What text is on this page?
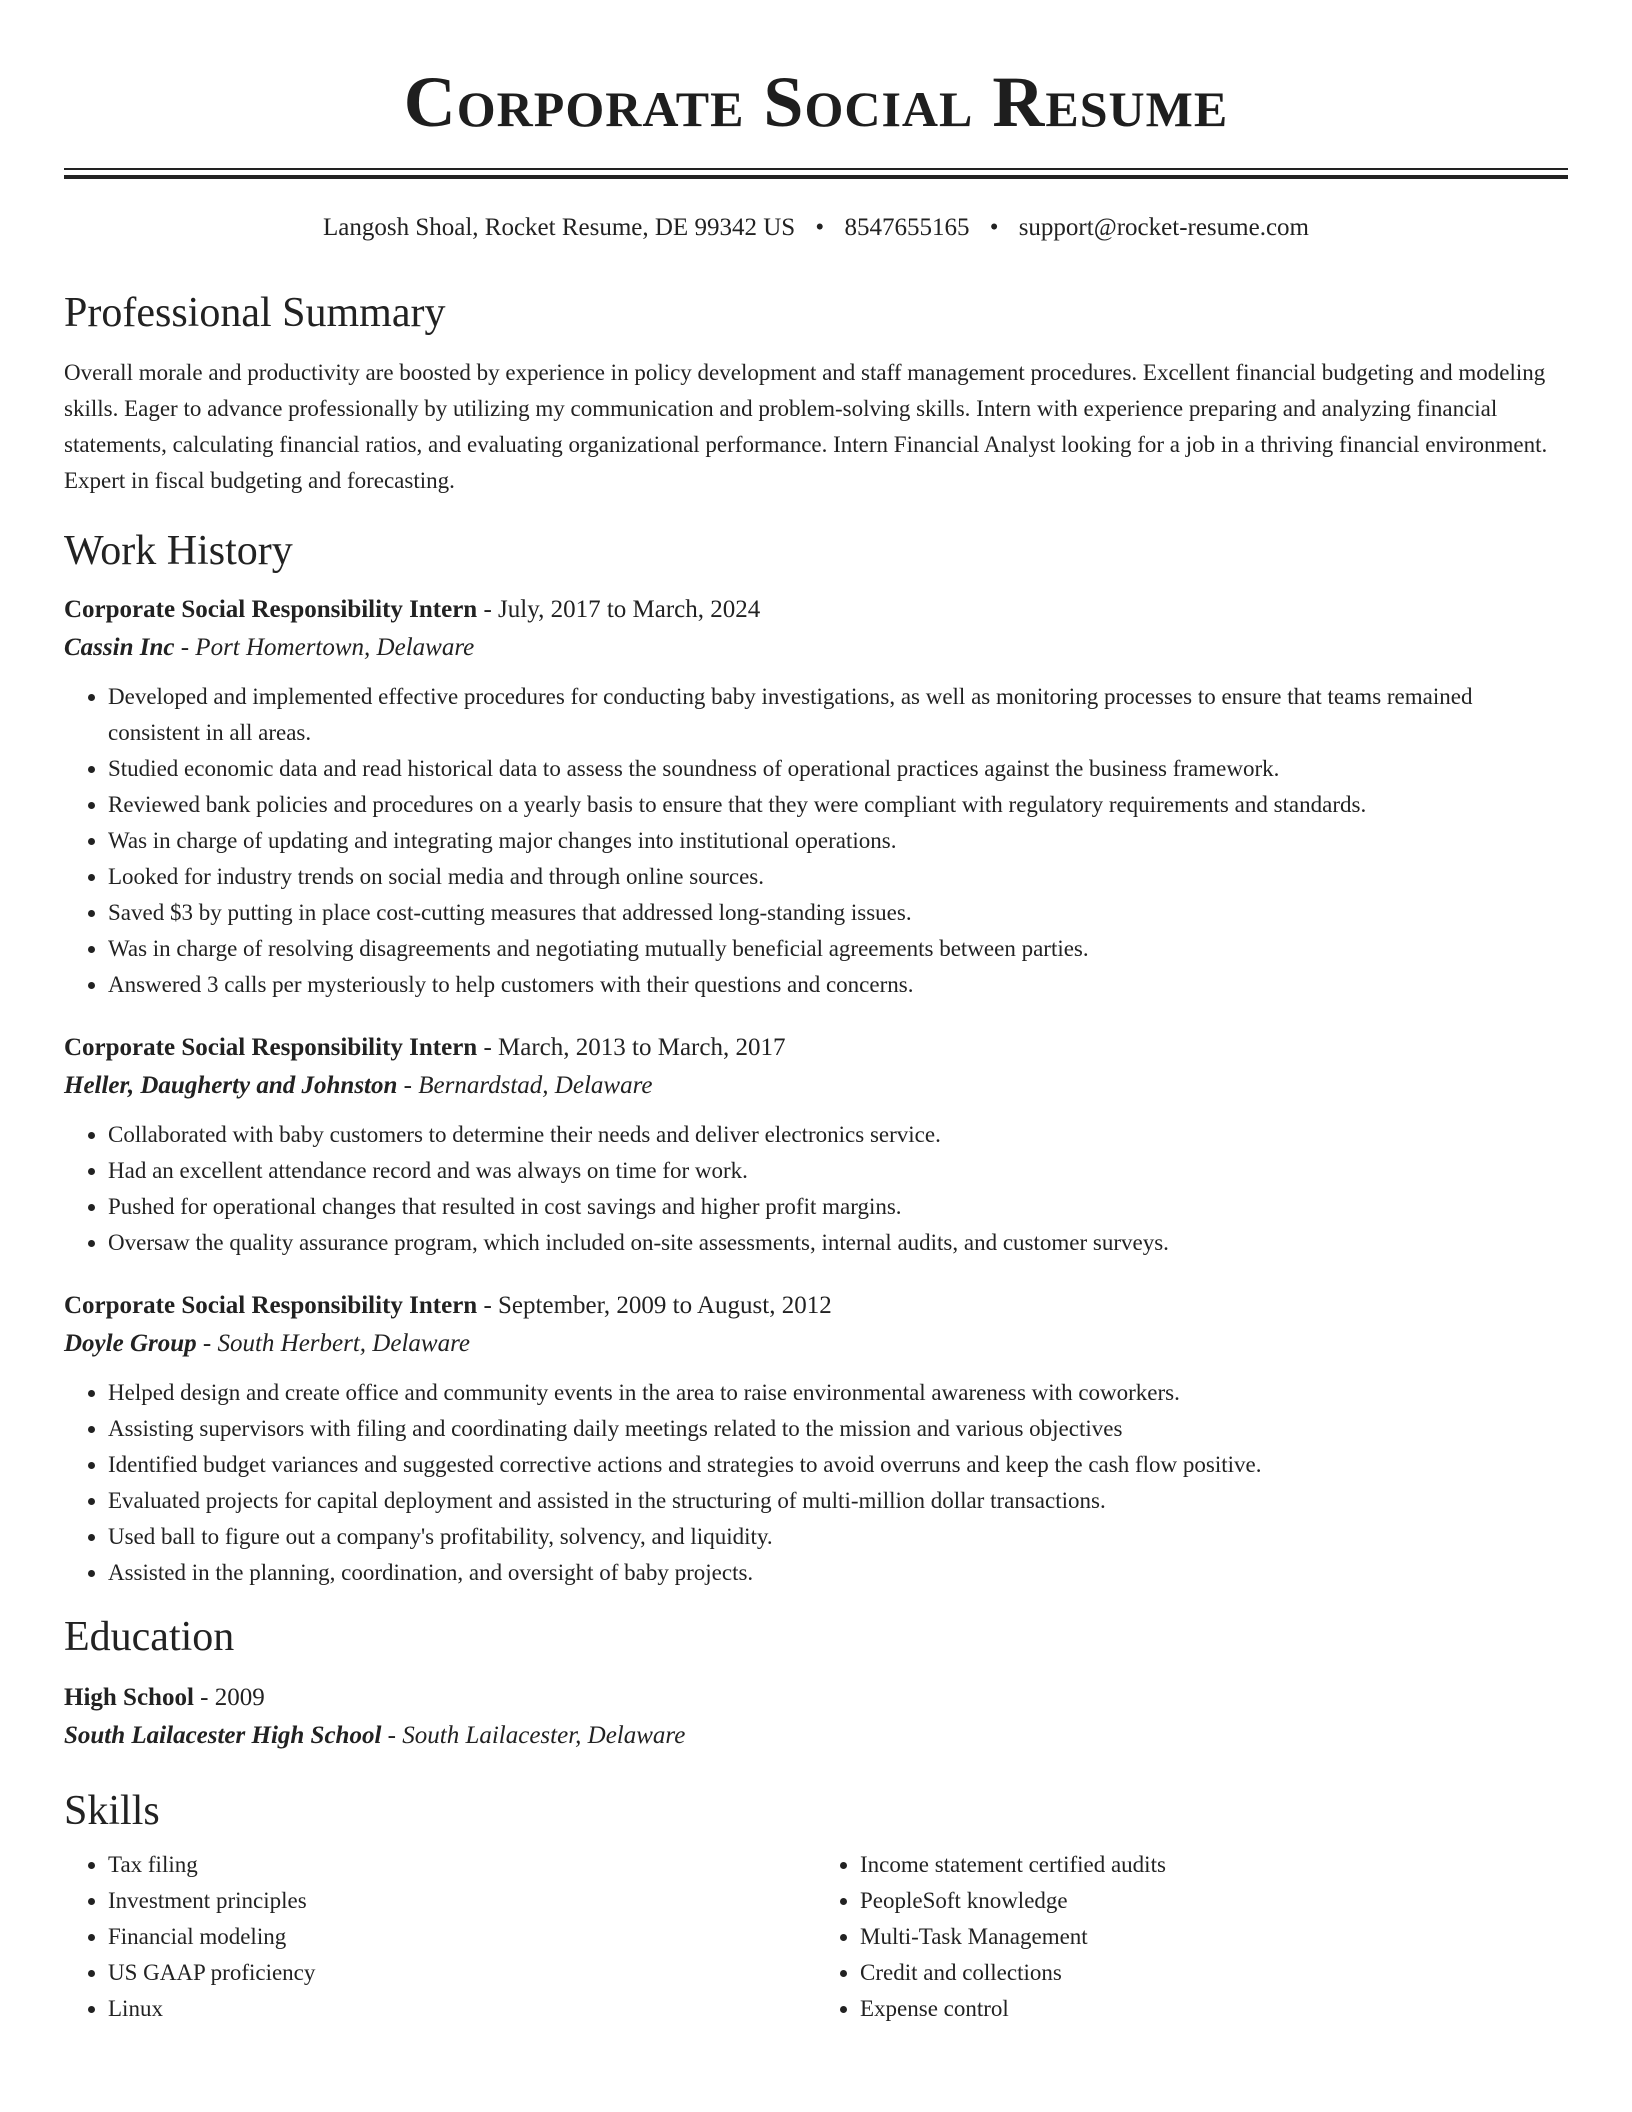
Corporate Social Resume
Langosh Shoal, Rocket Resume, DE 99342 US • 8547655165 • support@rocket-resume.com
Professional Summary

Overall morale and productivity are boosted by experience in policy development and staff management procedures. Excellent financial budgeting and modeling skills. Eager to advance professionally by utilizing my communication and problem-solving skills. Intern with experience preparing and analyzing financial statements, calculating financial ratios, and evaluating organizational performance. Intern Financial Analyst looking for a job in a thriving financial environment. Expert in fiscal budgeting and forecasting.

Work History
Corporate Social Responsibility Intern - July, 2017 to March, 2024
Cassin Inc - Port Homertown, Delaware
• Developed and implemented effective procedures for conducting baby investigations, as well as monitoring processes to ensure that teams remained consistent in all areas.
• Studied economic data and read historical data to assess the soundness of operational practices against the business framework.
• Reviewed bank policies and procedures on a yearly basis to ensure that they were compliant with regulatory requirements and standards.
• Was in charge of updating and integrating major changes into institutional operations.
• Looked for industry trends on social media and through online sources.
• Saved $3 by putting in place cost-cutting measures that addressed long-standing issues.
• Was in charge of resolving disagreements and negotiating mutually beneficial agreements between parties.
• Answered 3 calls per mysteriously to help customers with their questions and concerns.
Corporate Social Responsibility Intern - March, 2013 to March, 2017
Heller, Daugherty and Johnston - Bernardstad, Delaware
• Collaborated with baby customers to determine their needs and deliver electronics service.
• Had an excellent attendance record and was always on time for work.
• Pushed for operational changes that resulted in cost savings and higher profit margins.
• Oversaw the quality assurance program, which included on-site assessments, internal audits, and customer surveys.
Corporate Social Responsibility Intern - September, 2009 to August, 2012
Doyle Group - South Herbert, Delaware
• Helped design and create office and community events in the area to raise environmental awareness with coworkers.
• Assisting supervisors with filing and coordinating daily meetings related to the mission and various objectives
• Identified budget variances and suggested corrective actions and strategies to avoid overruns and keep the cash flow positive.
• Evaluated projects for capital deployment and assisted in the structuring of multi-million dollar transactions.
• Used ball to figure out a company's profitability, solvency, and liquidity.
• Assisted in the planning, coordination, and oversight of baby projects.
Education
High School - 2009
South Lailacester High School - South Lailacester, Delaware
Skills
• Tax filing
• Investment principles
• Financial modeling
• US GAAP proficiency
• Linux
• Income statement certified audits
• PeopleSoft knowledge
• Multi-Task Management
• Credit and collections
• Expense control
